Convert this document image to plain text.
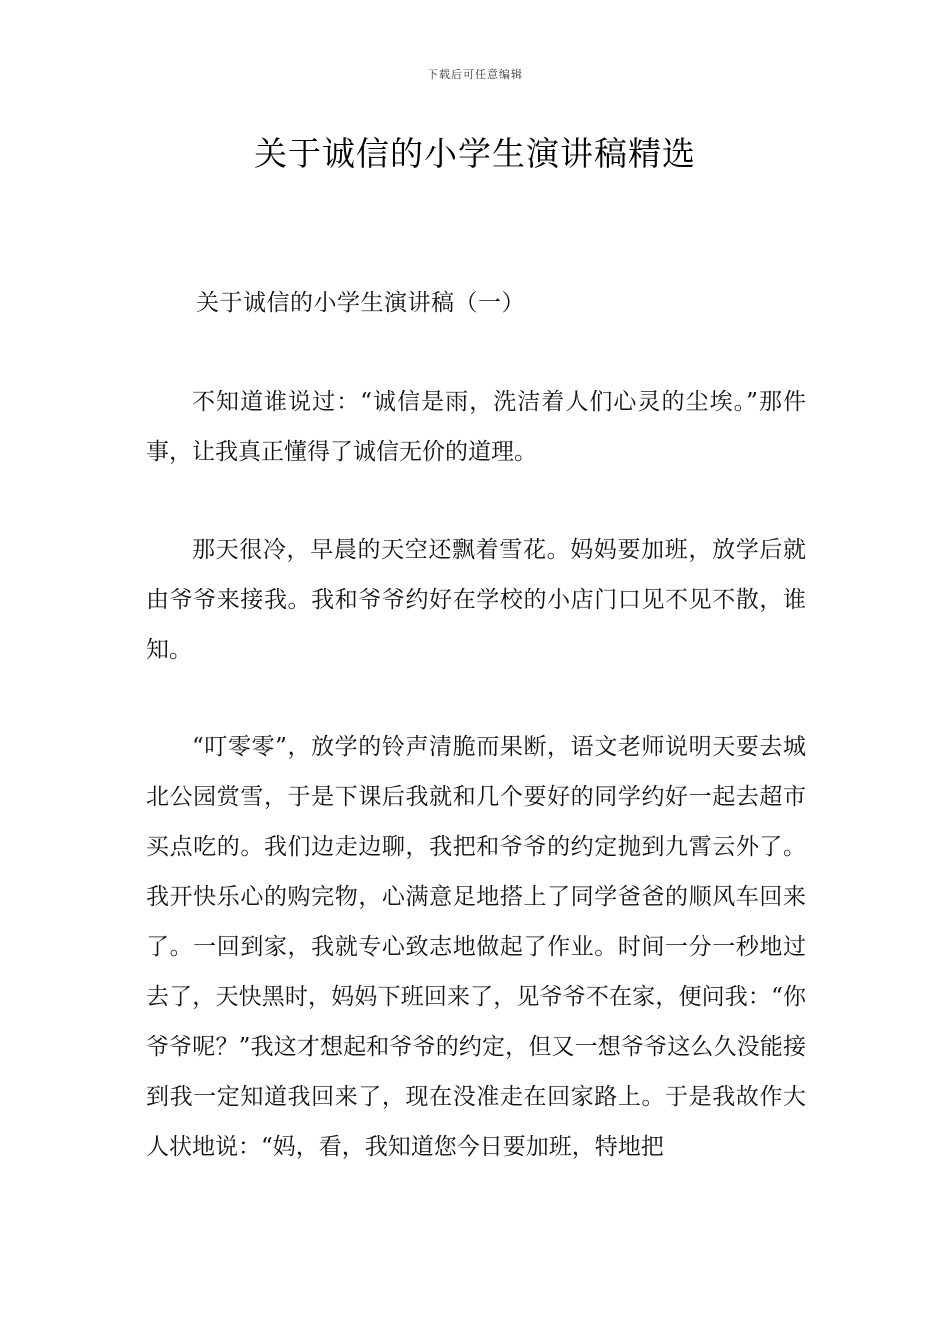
下载后可任意编辑
关于诚信的小学生演讲稿精选
关于诚信的小学生演讲稿（一）

不知道谁说过：“诚信是雨，洗洁着人们心灵的尘埃。”那件事，让我真正懂得了诚信无价的道理。

那天很冷，早晨的天空还飘着雪花。妈妈要加班，放学后就由爷爷来接我。我和爷爷约好在学校的小店门口见不见不散，谁知。

“叮零零”，放学的铃声清脆而果断，语文老师说明天要去城北公园赏雪，于是下课后我就和几个要好的同学约好一起去超市买点吃的。我们边走边聊，我把和爷爷的约定抛到九霄云外了。我开快乐心的购完物，心满意足地搭上了同学爸爸的顺风车回来了。一回到家，我就专心致志地做起了作业。时间一分一秒地过去了，天快黑时，妈妈下班回来了，见爷爷不在家，便问我：“你爷爷呢？”我这才想起和爷爷的约定，但又一想爷爷这么久没能接到我一定知道我回来了，现在没准走在回家路上。于是我故作大人状地说：“妈，看，我知道您今日要加班，特地把
